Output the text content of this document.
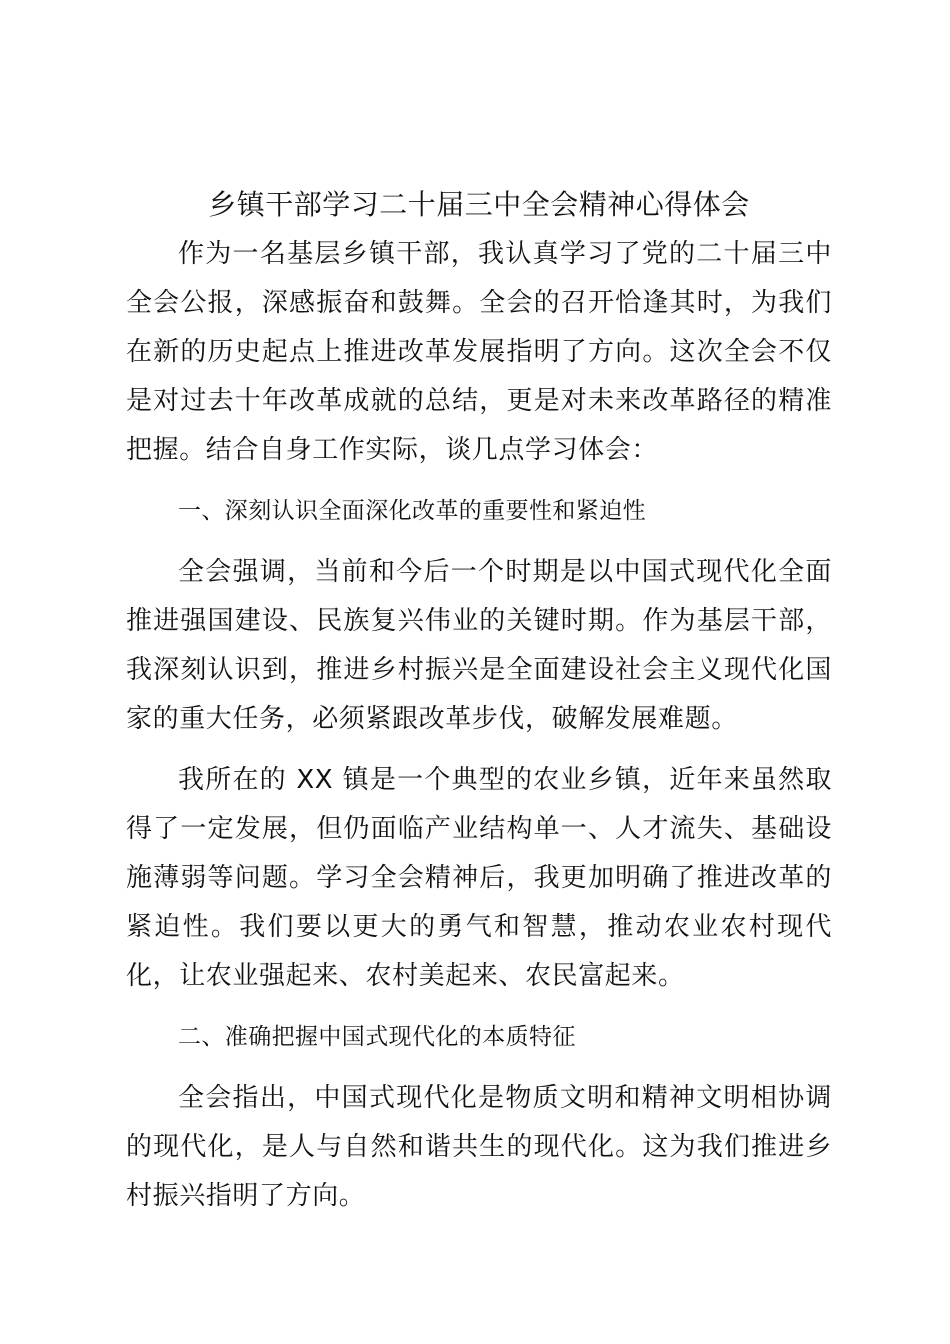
乡镇干部学习二十届三中全会精神心得体会

作为一名基层乡镇干部，我认真学习了党的二十届三中全会公报，深感振奋和鼓舞。全会的召开恰逢其时，为我们在新的历史起点上推进改革发展指明了方向。这次全会不仅是对过去十年改革成就的总结，更是对未来改革路径的精准把握。结合自身工作实际，谈几点学习体会：

一、深刻认识全面深化改革的重要性和紧迫性

全会强调，当前和今后一个时期是以中国式现代化全面推进强国建设、民族复兴伟业的关键时期。作为基层干部，我深刻认识到，推进乡村振兴是全面建设社会主义现代化国家的重大任务，必须紧跟改革步伐，破解发展难题。

我所在的 XX 镇是一个典型的农业乡镇，近年来虽然取得了一定发展，但仍面临产业结构单一、人才流失、基础设施薄弱等问题。学习全会精神后，我更加明确了推进改革的紧迫性。我们要以更大的勇气和智慧，推动农业农村现代化，让农业强起来、农村美起来、农民富起来。

二、准确把握中国式现代化的本质特征

全会指出，中国式现代化是物质文明和精神文明相协调的现代化，是人与自然和谐共生的现代化。这为我们推进乡村振兴指明了方向。
